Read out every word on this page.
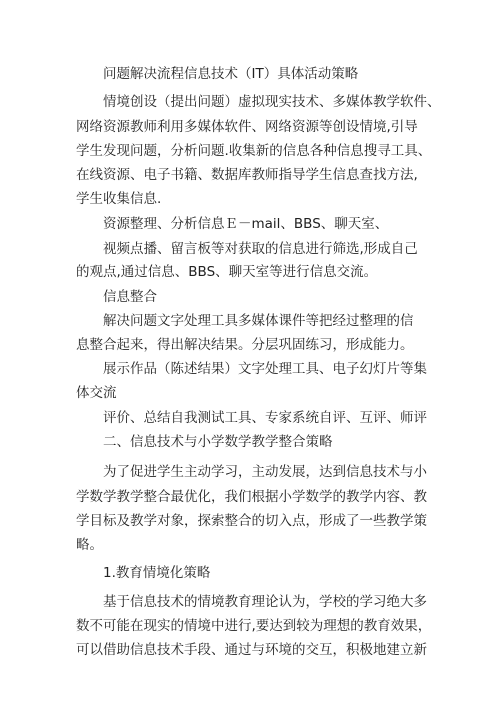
问题解决流程信息技术（IT）具体活动策略
情境创设（提出问题）虚拟现实技术、多媒体教学软件、
网络资源教师利用多媒体软件、网络资源等创设情境,引导
学生发现问题，分析问题.收集新的信息各种信息搜寻工具、
在线资源、电子书籍、数据库教师指导学生信息查找方法,
学生收集信息.
资源整理、分析信息Ｅ－mail、BBS、聊天室、
视频点播、留言板等对获取的信息进行筛选,形成自己
的观点,通过信息、BBS、聊天室等进行信息交流。
信息整合
解决问题文字处理工具多媒体课件等把经过整理的信
息整合起来，得出解决结果。分层巩固练习，形成能力。
展示作品（陈述结果）文字处理工具、电子幻灯片等集
体交流
评价、总结自我测试工具、专家系统自评、互评、师评
二、信息技术与小学数学教学整合策略
为了促进学生主动学习，主动发展，达到信息技术与小
学数学教学整合最优化，我们根据小学数学的教学内容、教
学目标及教学对象，探索整合的切入点，形成了一些教学策
略。
1.教育情境化策略
基于信息技术的情境教育理论认为，学校的学习绝大多
数不可能在现实的情境中进行,要达到较为理想的教育效果，
可以借助信息技术手段、通过与环境的交互，积极地建立新
